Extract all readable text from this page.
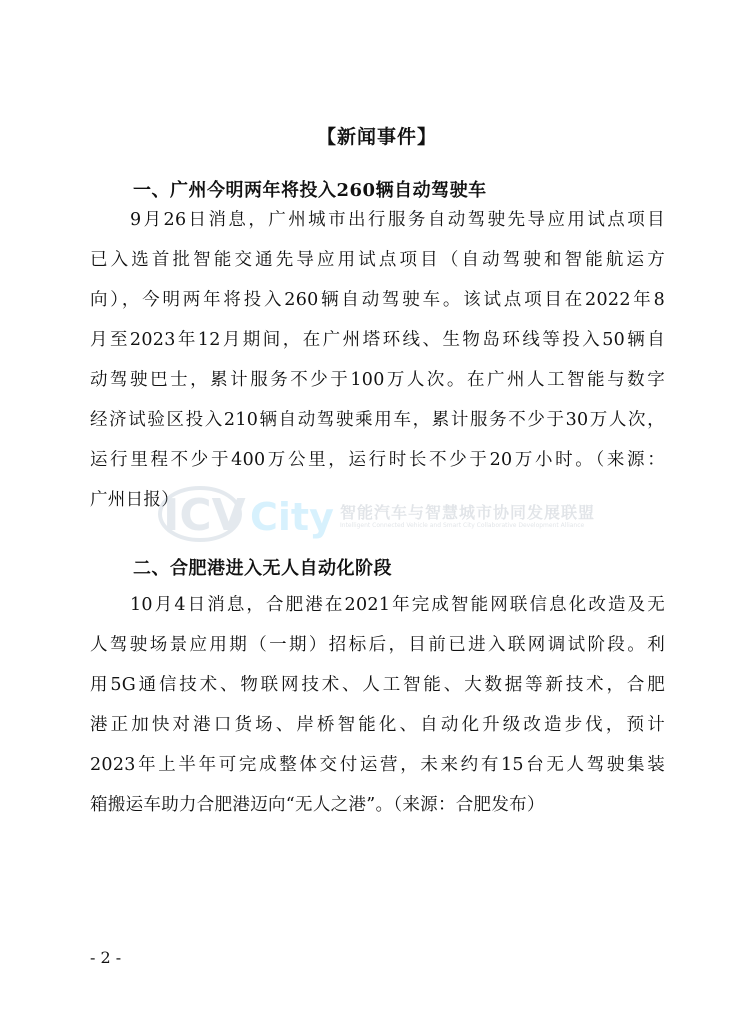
【新闻事件】
一、广州今明两年将投入260辆自动驾驶车
9月26日消息，广州城市出行服务自动驾驶先导应用试点项目
已入选首批智能交通先导应用试点项目（自动驾驶和智能航运方
向），今明两年将投入260辆自动驾驶车。该试点项目在2022年8
月至2023年12月期间，在广州塔环线、生物岛环线等投入50辆自
动驾驶巴士，累计服务不少于100万人次。在广州人工智能与数字
经济试验区投入210辆自动驾驶乘用车，累计服务不少于30万人次，
运行里程不少于400万公里，运行时长不少于20万小时。（来源：
广州日报）
ICV City 智能汽车与智慧城市协同发展联盟
Intelligent Connected Vehicle and Smart City Collaborative Development Alliance
二、合肥港进入无人自动化阶段
10月4日消息，合肥港在2021年完成智能网联信息化改造及无
人驾驶场景应用期（一期）招标后，目前已进入联网调试阶段。利
用5G通信技术、物联网技术、人工智能、大数据等新技术，合肥
港正加快对港口货场、岸桥智能化、自动化升级改造步伐，预计
2023年上半年可完成整体交付运营，未来约有15台无人驾驶集装
箱搬运车助力合肥港迈向“无人之港”。（来源：合肥发布）
- 2 -
